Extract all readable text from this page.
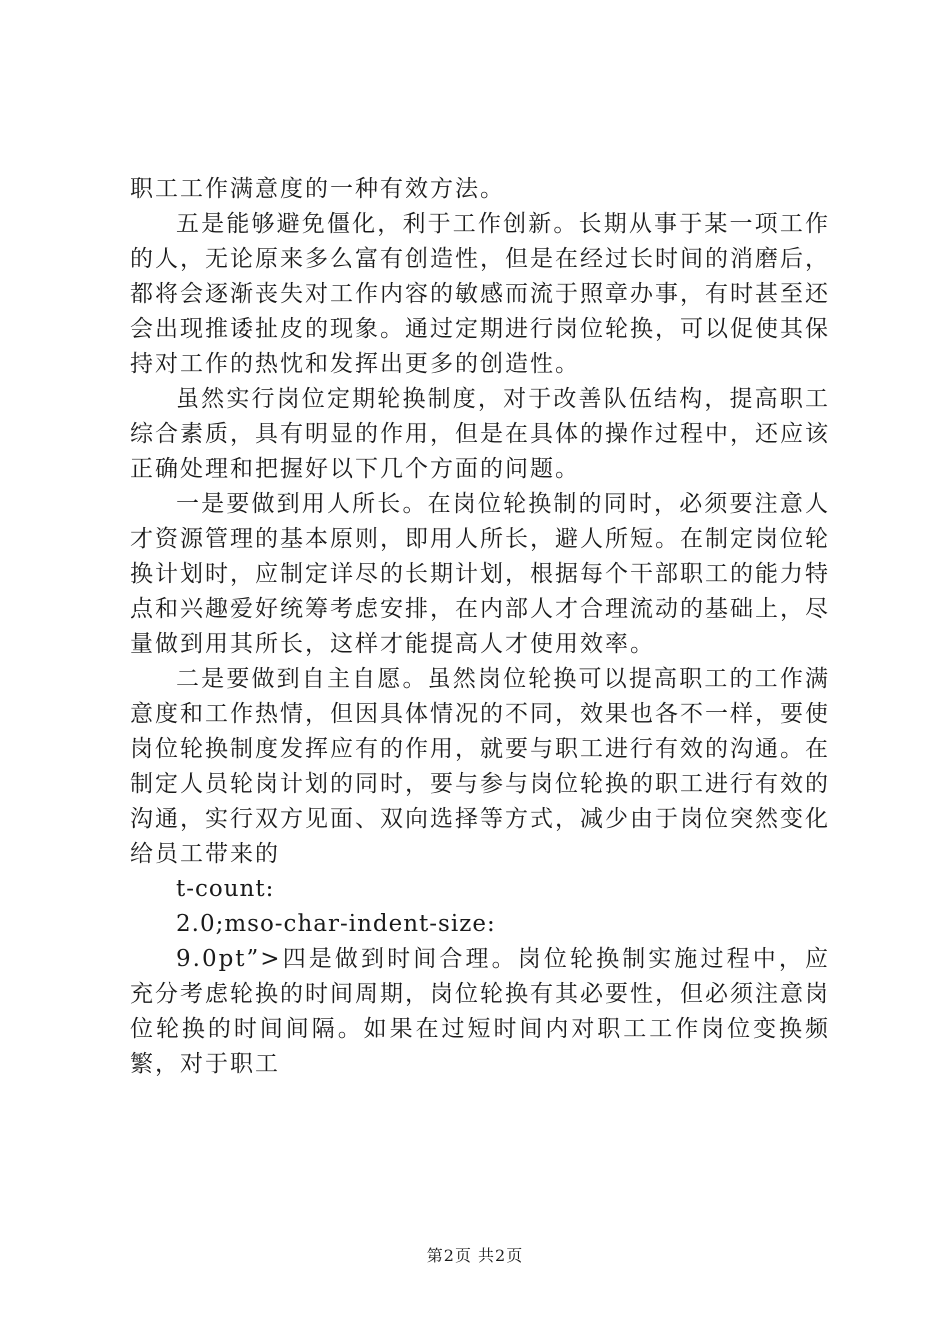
职工工作满意度的一种有效方法。

五是能够避免僵化，利于工作创新。长期从事于某一项工作的人，无论原来多么富有创造性，但是在经过长时间的消磨后，都将会逐渐丧失对工作内容的敏感而流于照章办事，有时甚至还会出现推诿扯皮的现象。通过定期进行岗位轮换，可以促使其保持对工作的热忱和发挥出更多的创造性。

虽然实行岗位定期轮换制度，对于改善队伍结构，提高职工综合素质，具有明显的作用，但是在具体的操作过程中，还应该正确处理和把握好以下几个方面的问题。

一是要做到用人所长。在岗位轮换制的同时，必须要注意人才资源管理的基本原则，即用人所长，避人所短。在制定岗位轮换计划时，应制定详尽的长期计划，根据每个干部职工的能力特点和兴趣爱好统筹考虑安排，在内部人才合理流动的基础上，尽量做到用其所长，这样才能提高人才使用效率。

二是要做到自主自愿。虽然岗位轮换可以提高职工的工作满意度和工作热情，但因具体情况的不同，效果也各不一样，要使岗位轮换制度发挥应有的作用，就要与职工进行有效的沟通。在制定人员轮岗计划的同时，要与参与岗位轮换的职工进行有效的沟通，实行双方见面、双向选择等方式，减少由于岗位突然变化给员工带来的

t-count:

2.0;mso-char-indent-size:

9.0pt”>四是做到时间合理。岗位轮换制实施过程中，应充分考虑轮换的时间周期，岗位轮换有其必要性，但必须注意岗位轮换的时间间隔。如果在过短时间内对职工工作岗位变换频繁，对于职工

第2页 共2页
